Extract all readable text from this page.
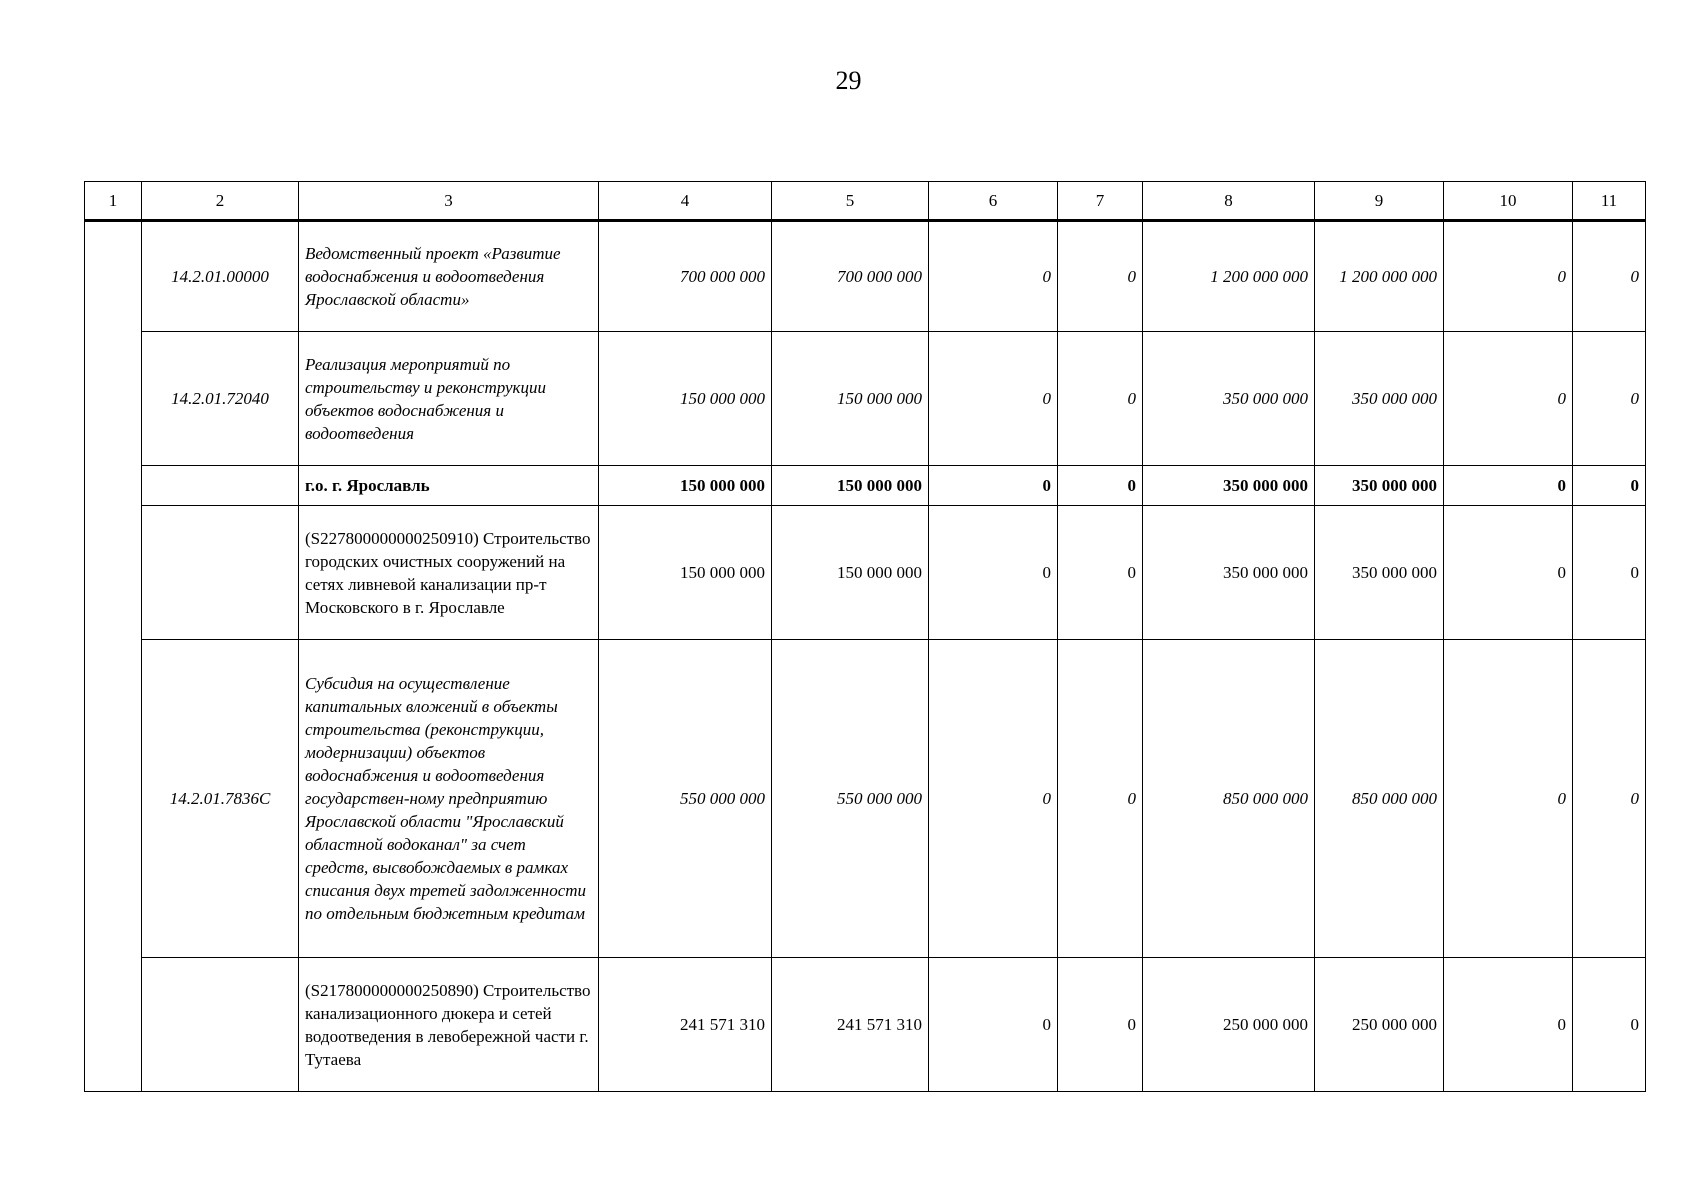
29
1	2	3	4	5	6	7	8	9	10	11
	14.2.01.00000	Ведомственный проект «Развитие водоснабжения и водоотведения Ярославской области»	700 000 000	700 000 000	0	0	1 200 000 000	1 200 000 000	0	0
	14.2.01.72040	Реализация мероприятий по строительству и реконструкции объектов водоснабжения и водоотведения	150 000 000	150 000 000	0	0	350 000 000	350 000 000	0	0
		г.о. г. Ярославль	150 000 000	150 000 000	0	0	350 000 000	350 000 000	0	0
		(S227800000000250910) Строительство городских очистных сооружений на сетях ливневой канализации пр-т Московского в г. Ярославле	150 000 000	150 000 000	0	0	350 000 000	350 000 000	0	0
	14.2.01.7836С	Субсидия на осуществление капитальных вложений в объекты строительства (реконструкции, модернизации) объектов водоснабжения и водоотведения государствен-ному предприятию Ярославской области "Ярославский областной водоканал" за счет средств, высвобождаемых в рамках списания двух третей задолженности по отдельным бюджетным кредитам	550 000 000	550 000 000	0	0	850 000 000	850 000 000	0	0
		(S217800000000250890) Строительство канализационного дюкера и сетей водоотведения в левобережной части г. Тутаева	241 571 310	241 571 310	0	0	250 000 000	250 000 000	0	0
